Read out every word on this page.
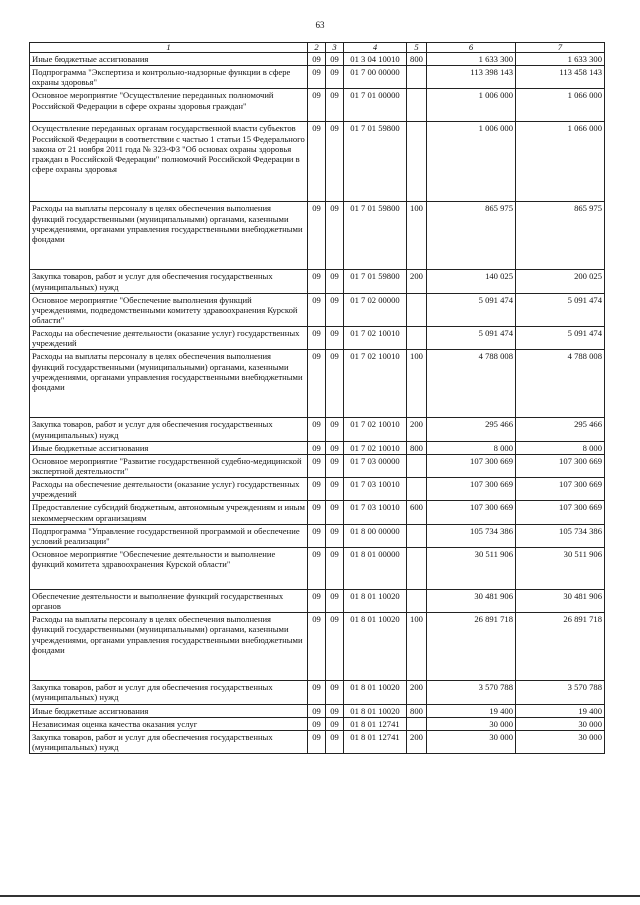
63
1	2	3	4	5	6	7
Иные бюджетные ассигнования	09	09	01 3 04 10010	800	1 633 300	1 633 300
Подпрограмма "Экспертиза и контрольно-надзорные функции в сфере охраны здоровья"	09	09	01 7 00 00000		113 398 143	113 458 143
Основное мероприятие "Осуществление переданных полномочий Российской Федерации в сфере охраны здоровья граждан"	09	09	01 7 01 00000		1 006 000	1 066 000
Осуществление переданных органам государственной власти субъектов Российской Федерации в соответствии с частью 1 статьи 15 Федерального закона от 21 ноября 2011 года № 323-ФЗ "Об основах охраны здоровья граждан в Российской Федерации" полномочий Российской Федерации в сфере охраны здоровья	09	09	01 7 01 59800		1 006 000	1 066 000
Расходы на выплаты персоналу в целях обеспечения выполнения функций государственными (муниципальными) органами, казенными учреждениями, органами управления государственными внебюджетными фондами	09	09	01 7 01 59800	100	865 975	865 975
Закупка товаров, работ и услуг для обеспечения государственных (муниципальных) нужд	09	09	01 7 01 59800	200	140 025	200 025
Основное мероприятие "Обеспечение выполнения функций учреждениями, подведомственными комитету здравоохранения Курской области"	09	09	01 7 02 00000		5 091 474	5 091 474
Расходы на обеспечение деятельности (оказание услуг) государственных учреждений	09	09	01 7 02 10010		5 091 474	5 091 474
Расходы на выплаты персоналу в целях обеспечения выполнения функций государственными (муниципальными) органами, казенными учреждениями, органами управления государственными внебюджетными фондами	09	09	01 7 02 10010	100	4 788 008	4 788 008
Закупка товаров, работ и услуг для обеспечения государственных (муниципальных) нужд	09	09	01 7 02 10010	200	295 466	295 466
Иные бюджетные ассигнования	09	09	01 7 02 10010	800	8 000	8 000
Основное мероприятие "Развитие государственной судебно-медицинской экспертной деятельности"	09	09	01 7 03 00000		107 300 669	107 300 669
Расходы на обеспечение деятельности (оказание услуг) государственных учреждений	09	09	01 7 03 10010		107 300 669	107 300 669
Предоставление субсидий бюджетным, автономным учреждениям и иным некоммерческим организациям	09	09	01 7 03 10010	600	107 300 669	107 300 669
Подпрограмма "Управление государственной программой и обеспечение условий реализации"	09	09	01 8 00 00000		105 734 386	105 734 386
Основное мероприятие "Обеспечение деятельности и выполнение функций комитета здравоохранения Курской области"	09	09	01 8 01 00000		30 511 906	30 511 906
Обеспечение деятельности и выполнение функций государственных органов	09	09	01 8 01 10020		30 481 906	30 481 906
Расходы на выплаты персоналу в целях обеспечения выполнения функций государственными (муниципальными) органами, казенными учреждениями, органами управления государственными внебюджетными фондами	09	09	01 8 01 10020	100	26 891 718	26 891 718
Закупка товаров, работ и услуг для обеспечения государственных (муниципальных) нужд	09	09	01 8 01 10020	200	3 570 788	3 570 788
Иные бюджетные ассигнования	09	09	01 8 01 10020	800	19 400	19 400
Независимая оценка качества оказания услуг	09	09	01 8 01 12741		30 000	30 000
Закупка товаров, работ и услуг для обеспечения государственных (муниципальных) нужд	09	09	01 8 01 12741	200	30 000	30 000
